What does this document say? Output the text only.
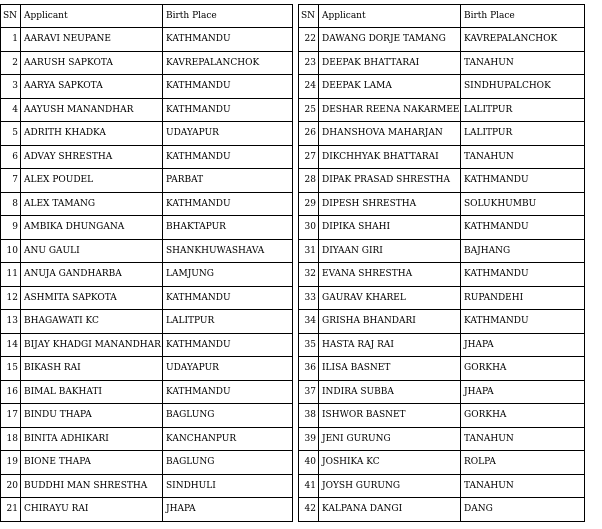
SN	Applicant	Birth Place
1	AARAVI NEUPANE	KATHMANDU
2	AARUSH SAPKOTA	KAVREPALANCHOK
3	AARYA SAPKOTA	KATHMANDU
4	AAYUSH MANANDHAR	KATHMANDU
5	ADRITH KHADKA	UDAYAPUR
6	ADVAY SHRESTHA	KATHMANDU
7	ALEX POUDEL	PARBAT
8	ALEX TAMANG	KATHMANDU
9	AMBIKA DHUNGANA	BHAKTAPUR
10	ANU GAULI	SHANKHUWASHAVA
11	ANUJA GANDHARBA	LAMJUNG
12	ASHMITA SAPKOTA	KATHMANDU
13	BHAGAWATI KC	LALITPUR
14	BIJAY KHADGI MANANDHAR	KATHMANDU
15	BIKASH RAI	UDAYAPUR
16	BIMAL BAKHATI	KATHMANDU
17	BINDU THAPA	BAGLUNG
18	BINITA ADHIKARI	KANCHANPUR
19	BIONE THAPA	BAGLUNG
20	BUDDHI MAN SHRESTHA	SINDHULI
21	CHIRAYU RAI	JHAPA
SN	Applicant	Birth Place
22	DAWANG DORJE TAMANG	KAVREPALANCHOK
23	DEEPAK BHATTARAI	TANAHUN
24	DEEPAK LAMA	SINDHUPALCHOK
25	DESHAR REENA NAKARMEE	LALITPUR
26	DHANSHOVA MAHARJAN	LALITPUR
27	DIKCHHYAK BHATTARAI	TANAHUN
28	DIPAK PRASAD SHRESTHA	KATHMANDU
29	DIPESH SHRESTHA	SOLUKHUMBU
30	DIPIKA SHAHI	KATHMANDU
31	DIYAAN GIRI	BAJHANG
32	EVANA SHRESTHA	KATHMANDU
33	GAURAV KHAREL	RUPANDEHI
34	GRISHA BHANDARI	KATHMANDU
35	HASTA RAJ RAI	JHAPA
36	ILISA BASNET	GORKHA
37	INDIRA SUBBA	JHAPA
38	ISHWOR BASNET	GORKHA
39	JENI GURUNG	TANAHUN
40	JOSHIKA KC	ROLPA
41	JOYSH GURUNG	TANAHUN
42	KALPANA DANGI	DANG
